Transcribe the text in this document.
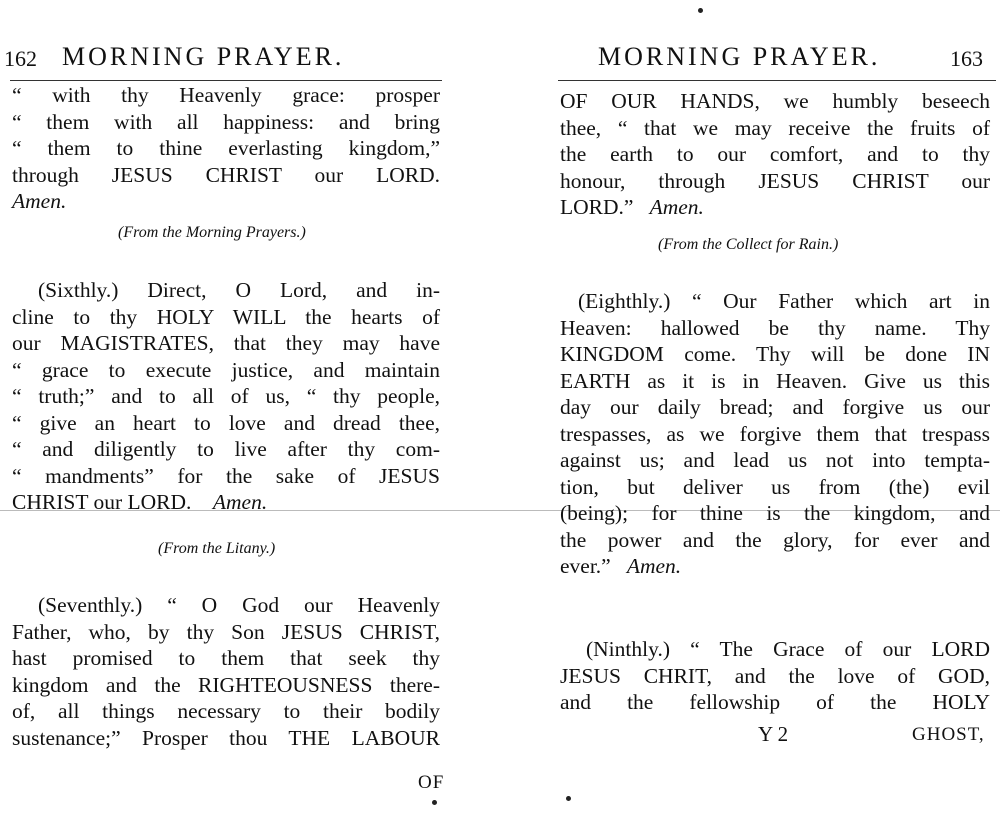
162 MORNING PRAYER.
“ with thy Heavenly grace: prosper
“ them with all happiness: and bring
“ them to thine everlasting kingdom,”
through JESUS CHRIST our LORD.
Amen.
(From the Morning Prayers.)
(Sixthly.) Direct, O Lord, and in-
cline to thy HOLY WILL the hearts of
our MAGISTRATES, that they may have
“ grace to execute justice, and maintain
“ truth;” and to all of us, “ thy people,
“ give an heart to love and dread thee,
“ and diligently to live after thy com-
“ mandments” for the sake of JESUS
CHRIST our LORD. Amen.
(From the Litany.)
(Seventhly.) “ O God our Heavenly
Father, who, by thy Son JESUS CHRIST,
hast promised to them that seek thy
kingdom and the RIGHTEOUSNESS there-
of, all things necessary to their bodily
sustenance;” Prosper thou THE LABOUR
OF
MORNING PRAYER.	163
OF OUR HANDS, we humbly beseech
thee, “ that we may receive the fruits of
the earth to our comfort, and to thy
honour, through JESUS CHRIST our
LORD.” Amen.
(From the Collect for Rain.)
(Eighthly.) “ Our Father which art in
Heaven: hallowed be thy name. Thy
KINGDOM come. Thy will be done IN
EARTH as it is in Heaven. Give us this
day our daily bread; and forgive us our
trespasses, as we forgive them that trespass
against us; and lead us not into tempta-
tion, but deliver us from (the) evil
(being); for thine is the kingdom, and
the power and the glory, for ever and
ever.” Amen.
(Ninthly.) “ The Grace of our LORD
JESUS CHRIT, and the love of GOD,
and the fellowship of the HOLY
Y 2	GHOST,
